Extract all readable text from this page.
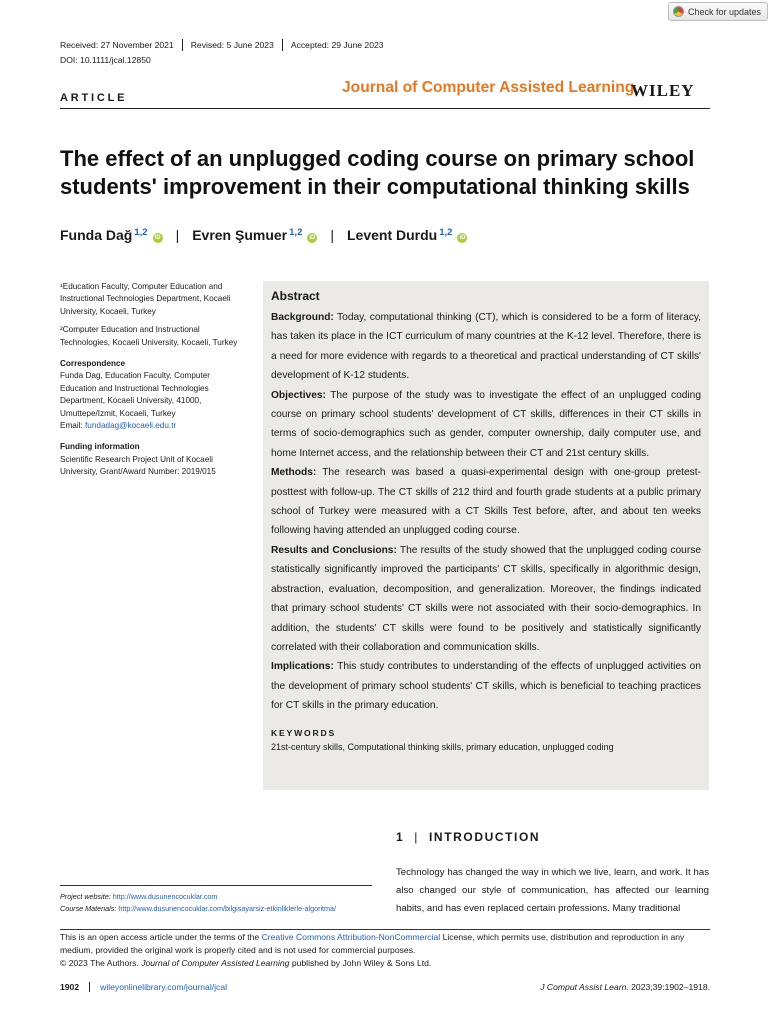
Check for updates
Received: 27 November 2021	Revised: 5 June 2023	Accepted: 29 June 2023
DOI: 10.1111/jcal.12850
ARTICLE
Journal of Computer Assisted Learning
WILEY
The effect of an unplugged coding course on primary school students' improvement in their computational thinking skills
Funda Dağ$^{1,2}$	iD | Evren Şumuer$^{1,2}$	iD | Levent Durdu$^{1,2}$	iD

¹Education Faculty, Computer Education and Instructional Technologies Department, Kocaeli University, Kocaeli, Turkey

²Computer Education and Instructional Technologies, Kocaeli University, Kocaeli, Turkey

Correspondence

Funda Dag, Education Faculty, Computer Education and Instructional Technologies Department, Kocaeli University, 41000, Umuttepe/Izmit, Kocaeli, Turkey

Email: fundadag@kocaeli.edu.tr

Funding information

Scientific Research Project Unit of Kocaeli University, Grant/Award Number: 2019/015

Abstract

Background: Today, computational thinking (CT), which is considered to be a form of literacy, has taken its place in the ICT curriculum of many countries at the K-12 level. Therefore, there is a need for more evidence with regards to a theoretical and practical understanding of CT skills' development of K-12 students.

Objectives: The purpose of the study was to investigate the effect of an unplugged coding course on primary school students' development of CT skills, differences in their CT skills in terms of socio-demographics such as gender, computer ownership, daily computer use, and home Internet access, and the relationship between their CT and 21st century skills.

Methods: The research was based a quasi-experimental design with one-group pretest-posttest with follow-up. The CT skills of 212 third and fourth grade students at a public primary school of Turkey were measured with a CT Skills Test before, after, and about ten weeks following having attended an unplugged coding course.

Results and Conclusions: The results of the study showed that the unplugged coding course statistically significantly improved the participants' CT skills, specifically in algorithmic design, abstraction, evaluation, decomposition, and generalization. Moreover, the findings indicated that primary school students' CT skills were not associated with their socio-demographics. In addition, the students' CT skills were found to be positively and statistically significantly correlated with their collaboration and communication skills.

Implications: This study contributes to understanding of the effects of unplugged activities on the development of primary school students' CT skills, which is beneficial to teaching practices for CT skills in the primary education.

KEYWORDS
21st-century skills, Computational thinking skills, primary education, unplugged coding
1 | INTRODUCTION

Technology has changed the way in which we live, learn, and work. It has also changed our style of communication, has affected our learning habits, and has even replaced certain professions. Many traditional

Project website: http://www.dusunencocuklar.com
Course Materials: http://www.dusunencocuklar.com/bilgisayarsiz-etkinliklerle-algoritma/
This is an open access article under the terms of the Creative Commons Attribution-NonCommercial License, which permits use, distribution and reproduction in any medium, provided the original work is properly cited and is not used for commercial purposes.
© 2023 The Authors. Journal of Computer Assisted Learning published by John Wiley & Sons Ltd.
1902	wileyonlinelibrary.com/journal/jcal	J Comput Assist Learn. 2023;39:1902–1918.
